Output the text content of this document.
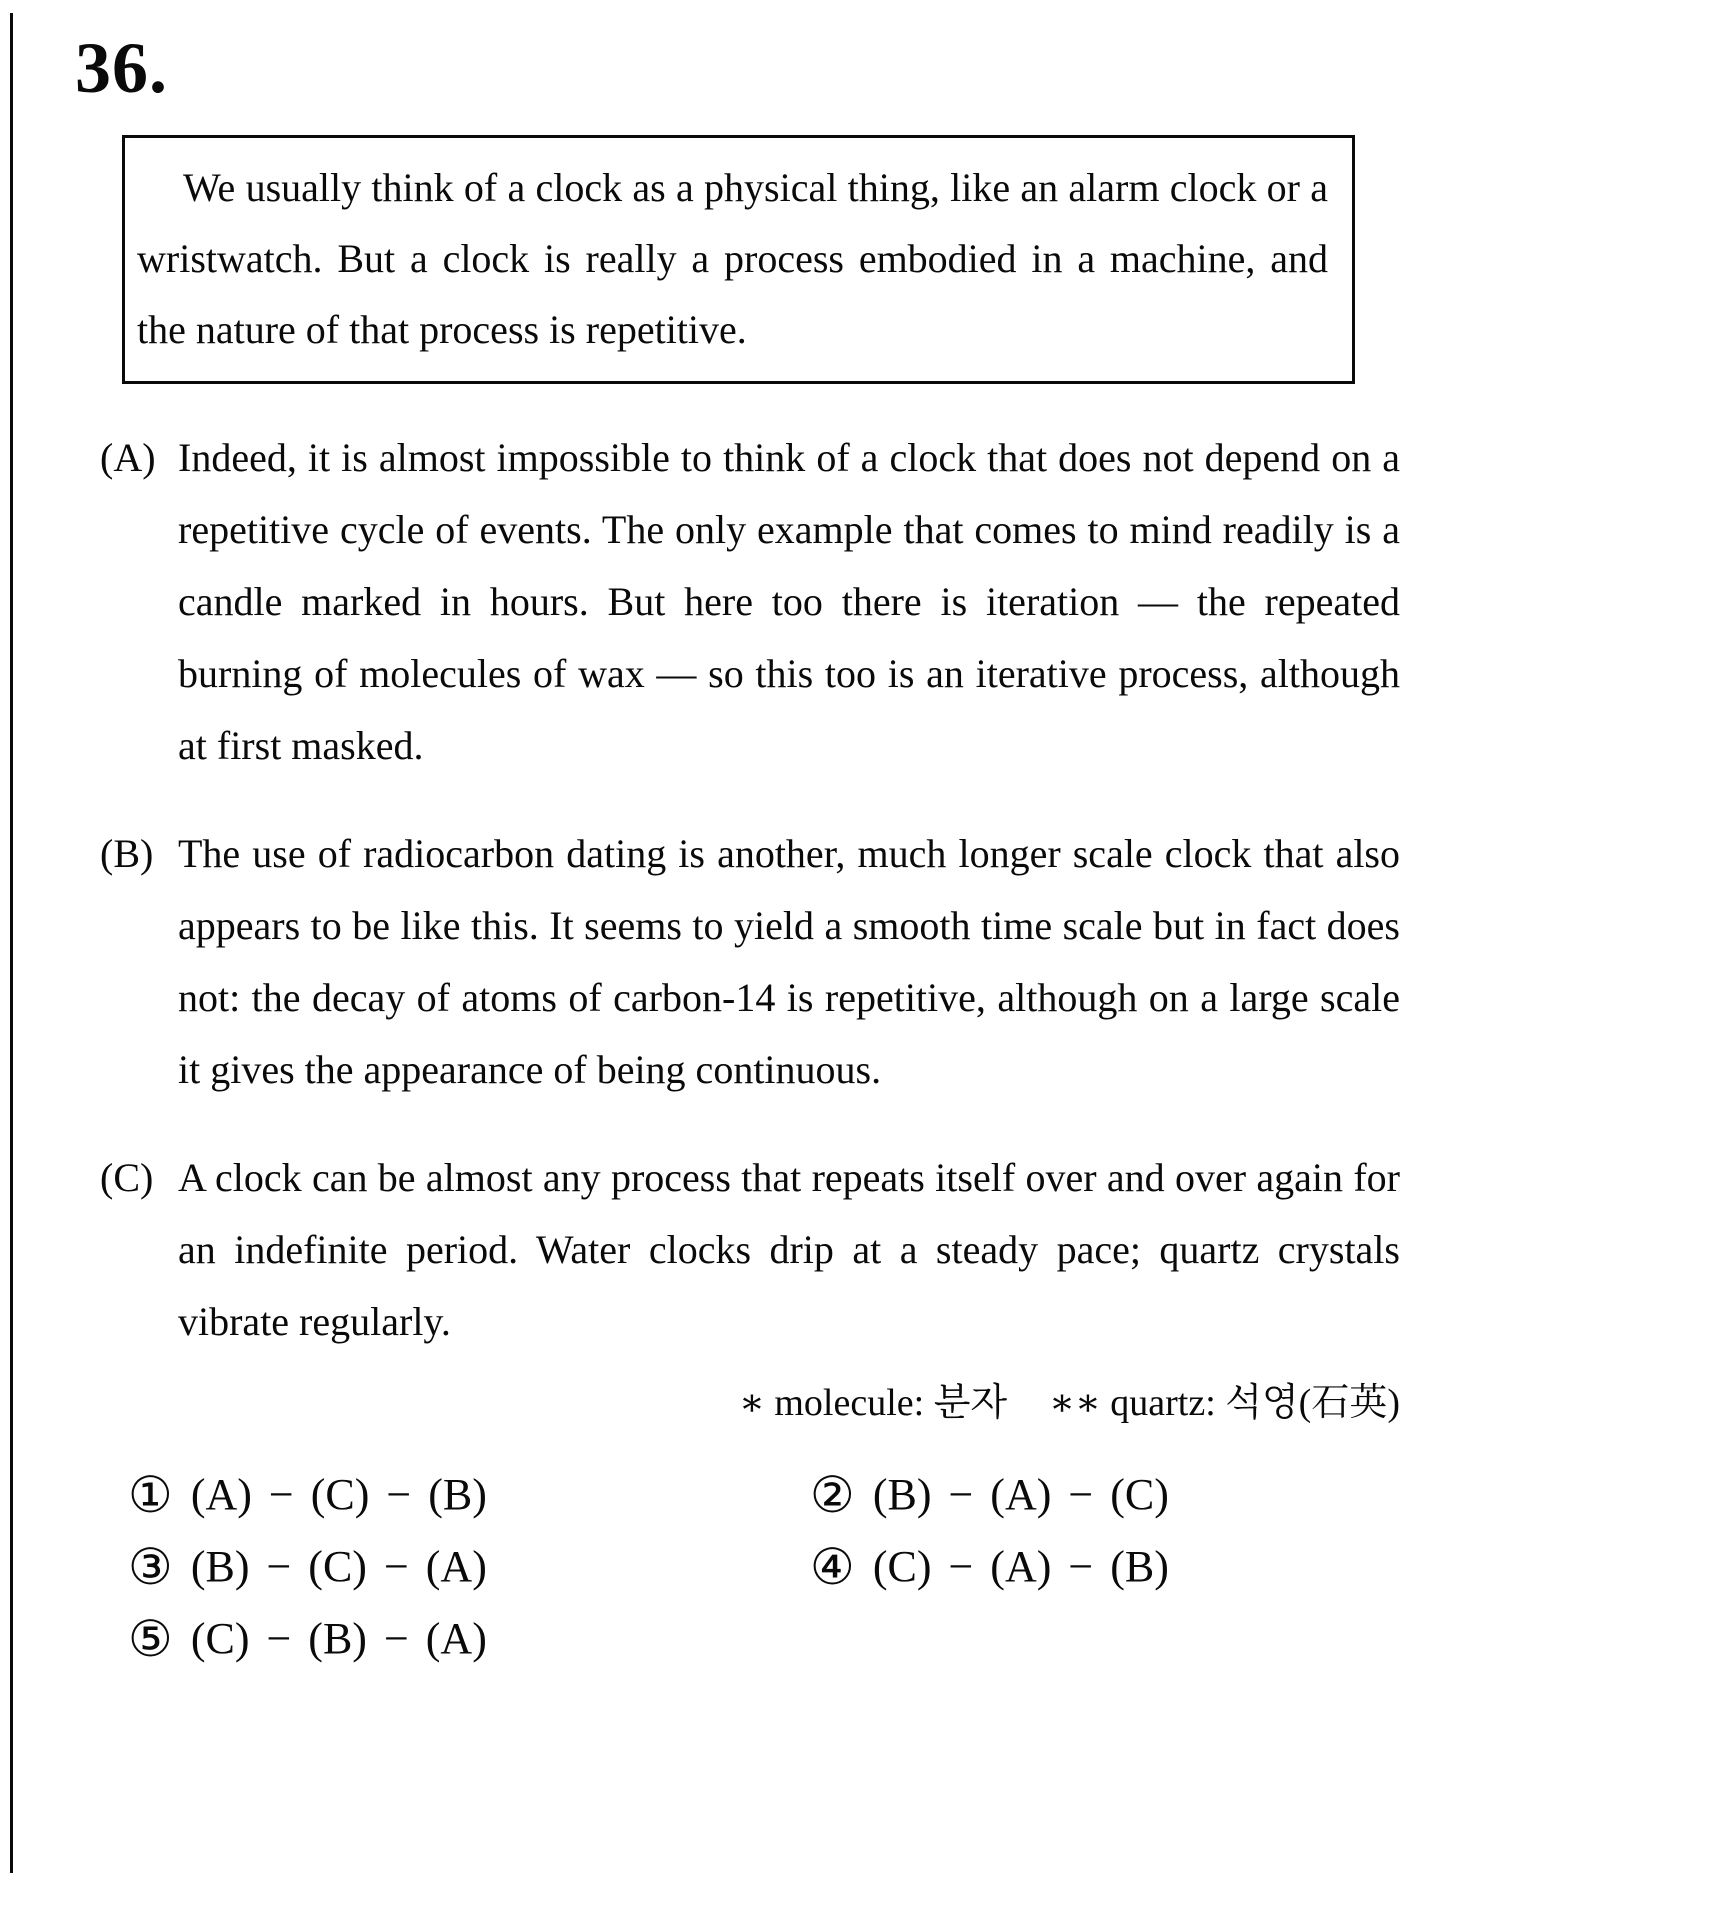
36.

We usually think of a clock as a physical thing, like an alarm clock or a wristwatch. But a clock is really a process embodied in a machine, and the nature of that process is repetitive.

(A) Indeed, it is almost impossible to think of a clock that does not depend on a repetitive cycle of events. The only example that comes to mind readily is a candle marked in hours. But here too there is iteration — the repeated burning of molecules of wax — so this too is an iterative process, although at first masked.

(B) The use of radiocarbon dating is another, much longer scale clock that also appears to be like this. It seems to yield a smooth time scale but in fact does not: the decay of atoms of carbon-14 is repetitive, although on a large scale it gives the appearance of being continuous.

(C) A clock can be almost any process that repeats itself over and over again for an indefinite period. Water clocks drip at a steady pace; quartz crystals vibrate regularly.

∗ molecule: 분자 ∗∗ quartz: 석영(石英)
① (A) − (C) − (B)	② (B) − (A) − (C)
③ (B) − (C) − (A)	④ (C) − (A) − (B)
⑤ (C) − (B) − (A)
